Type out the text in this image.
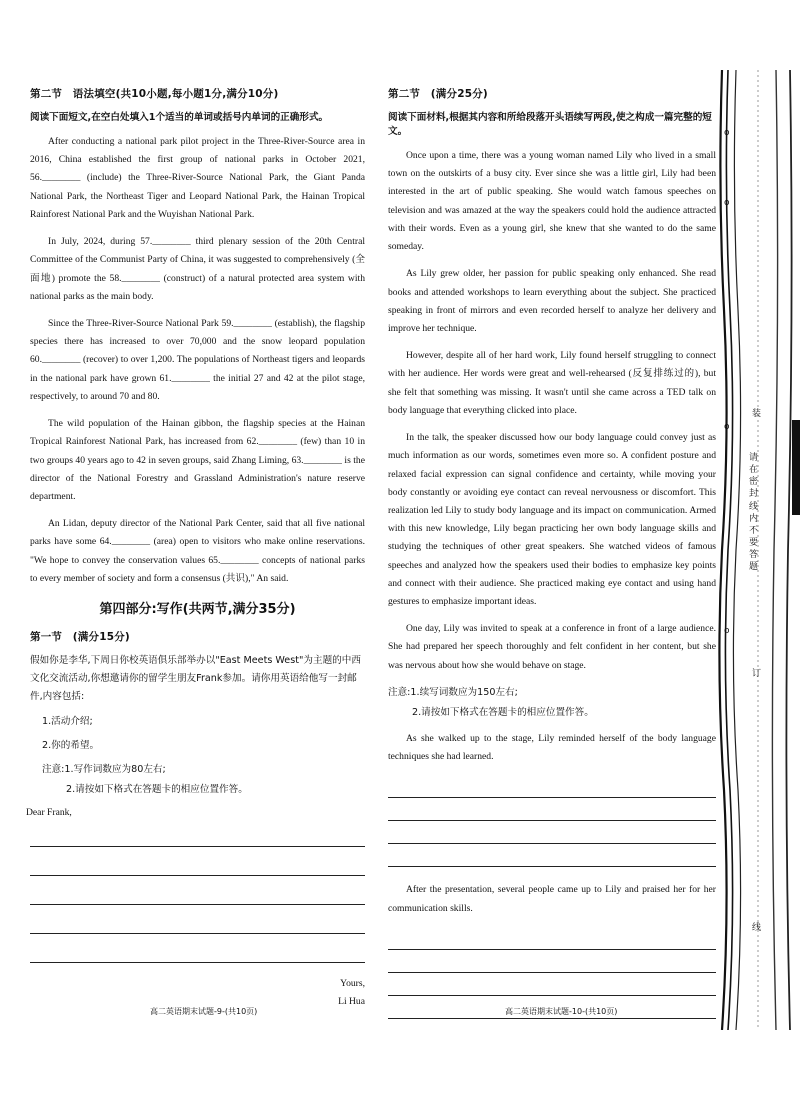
第二节　语法填空(共10小题,每小题1分,满分10分)
阅读下面短文,在空白处填入1个适当的单词或括号内单词的正确形式。

After conducting a national park pilot project in the Three-River-Source area in 2016, China established the first group of national parks in October 2021, 56.________ (include) the Three-River-Source National Park, the Giant Panda National Park, the Northeast Tiger and Leopard National Park, the Hainan Tropical Rainforest National Park and the Wuyishan National Park.

In July, 2024, during 57.________ third plenary session of the 20th Central Committee of the Communist Party of China, it was suggested to comprehensively (全面地) promote the 58.________ (construct) of a natural protected area system with national parks as the main body.

Since the Three-River-Source National Park 59.________ (establish), the flagship species there has increased to over 70,000 and the snow leopard population 60.________ (recover) to over 1,200. The populations of Northeast tigers and leopards in the national park have grown 61.________ the initial 27 and 42 at the pilot stage, respectively, to around 70 and 80.

The wild population of the Hainan gibbon, the flagship species at the Hainan Tropical Rainforest National Park, has increased from 62.________ (few) than 10 in two groups 40 years ago to 42 in seven groups, said Zhang Liming, 63.________ is the director of the National Forestry and Grassland Administration's nature reserve department.

An Lidan, deputy director of the National Park Center, said that all five national parks have some 64.________ (area) open to visitors who make online reservations. "We hope to convey the conservation values 65.________ concepts of national parks to every member of society and form a consensus (共识)," An said.

第四部分:写作(共两节,满分35分)
第一节　(满分15分)
假如你是李华,下周日你校英语俱乐部举办以"East Meets West"为主题的中西文化交流活动,你想邀请你的留学生朋友Frank参加。请你用英语给他写一封邮件,内容包括:
1.活动介绍;
2.你的希望。
注意:1.写作词数应为80左右;
2.请按如下格式在答题卡的相应位置作答。
Dear Frank,
Yours,
Li Hua
高二英语期末试题-9-(共10页)
第二节　(满分25分)
阅读下面材料,根据其内容和所给段落开头语续写两段,使之构成一篇完整的短文。

Once upon a time, there was a young woman named Lily who lived in a small town on the outskirts of a busy city. Ever since she was a little girl, Lily had been interested in the art of public speaking. She would watch famous speeches on television and was amazed at the way the speakers could hold the audience attracted with their words. Even as a young girl, she knew that she wanted to do the same someday.

As Lily grew older, her passion for public speaking only enhanced. She read books and attended workshops to learn everything about the subject. She practiced speaking in front of mirrors and even recorded herself to analyze her delivery and improve her technique.

However, despite all of her hard work, Lily found herself struggling to connect with her audience. Her words were great and well-rehearsed (反复排练过的), but she felt that something was missing. It wasn't until she came across a TED talk on body language that everything clicked into place.

In the talk, the speaker discussed how our body language could convey just as much information as our words, sometimes even more so. A confident posture and relaxed facial expression can signal confidence and certainty, while moving your body constantly or avoiding eye contact can reveal nervousness or discomfort. This realization led Lily to study body language and its impact on communication. Armed with this new knowledge, Lily began practicing her own body language skills and studying the techniques of other great speakers. She watched videos of famous speeches and analyzed how the speakers used their bodies to emphasize key points and connect with their audience. She practiced making eye contact and using hand gestures to emphasize important ideas.

One day, Lily was invited to speak at a conference in front of a large audience. She had prepared her speech thoroughly and felt confident in her content, but she was nervous about how she would behave on stage.

注意:1.续写词数应为150左右;
2.请按如下格式在答题卡的相应位置作答。

As she walked up to the stage, Lily reminded herself of the body language techniques she had learned.

After the presentation, several people came up to Lily and praised her for her communication skills.

高二英语期末试题-10-(共10页)
o
o
装
o
请在密封线内不要答题
订
o
线
